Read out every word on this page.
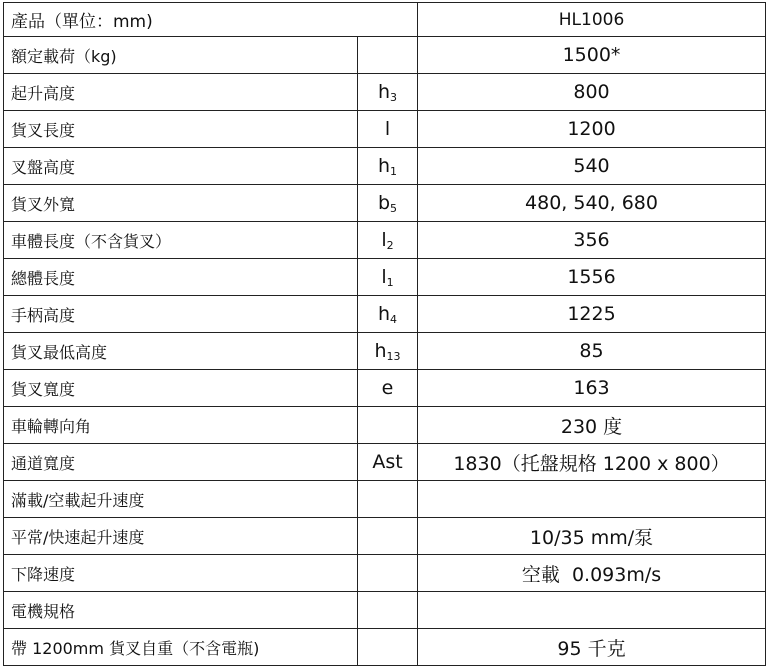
產品（單位：mm)		HL1006
額定載荷（kg)		1500*
起升高度	$h_3$	800
貨叉長度	l	1200
叉盤高度	$h_1$	540
貨叉外寬	$b_5$	480, 540, 680
車體長度（不含貨叉）	$l_2$	356
總體長度	$l_1$	1556
手柄高度	$h_4$	1225
貨叉最低高度	$h_{13}$	85
貨叉寬度	e	163
車輪轉向角		230 度
通道寬度	Ast	1830（托盤規格 1200 x 800）
滿載/空載起升速度		
平常/快速起升速度		10/35 mm/泵
下降速度		空載  0.093m/s
電機規格		
帶 1200mm 貨叉自重（不含電瓶)		95 千克
